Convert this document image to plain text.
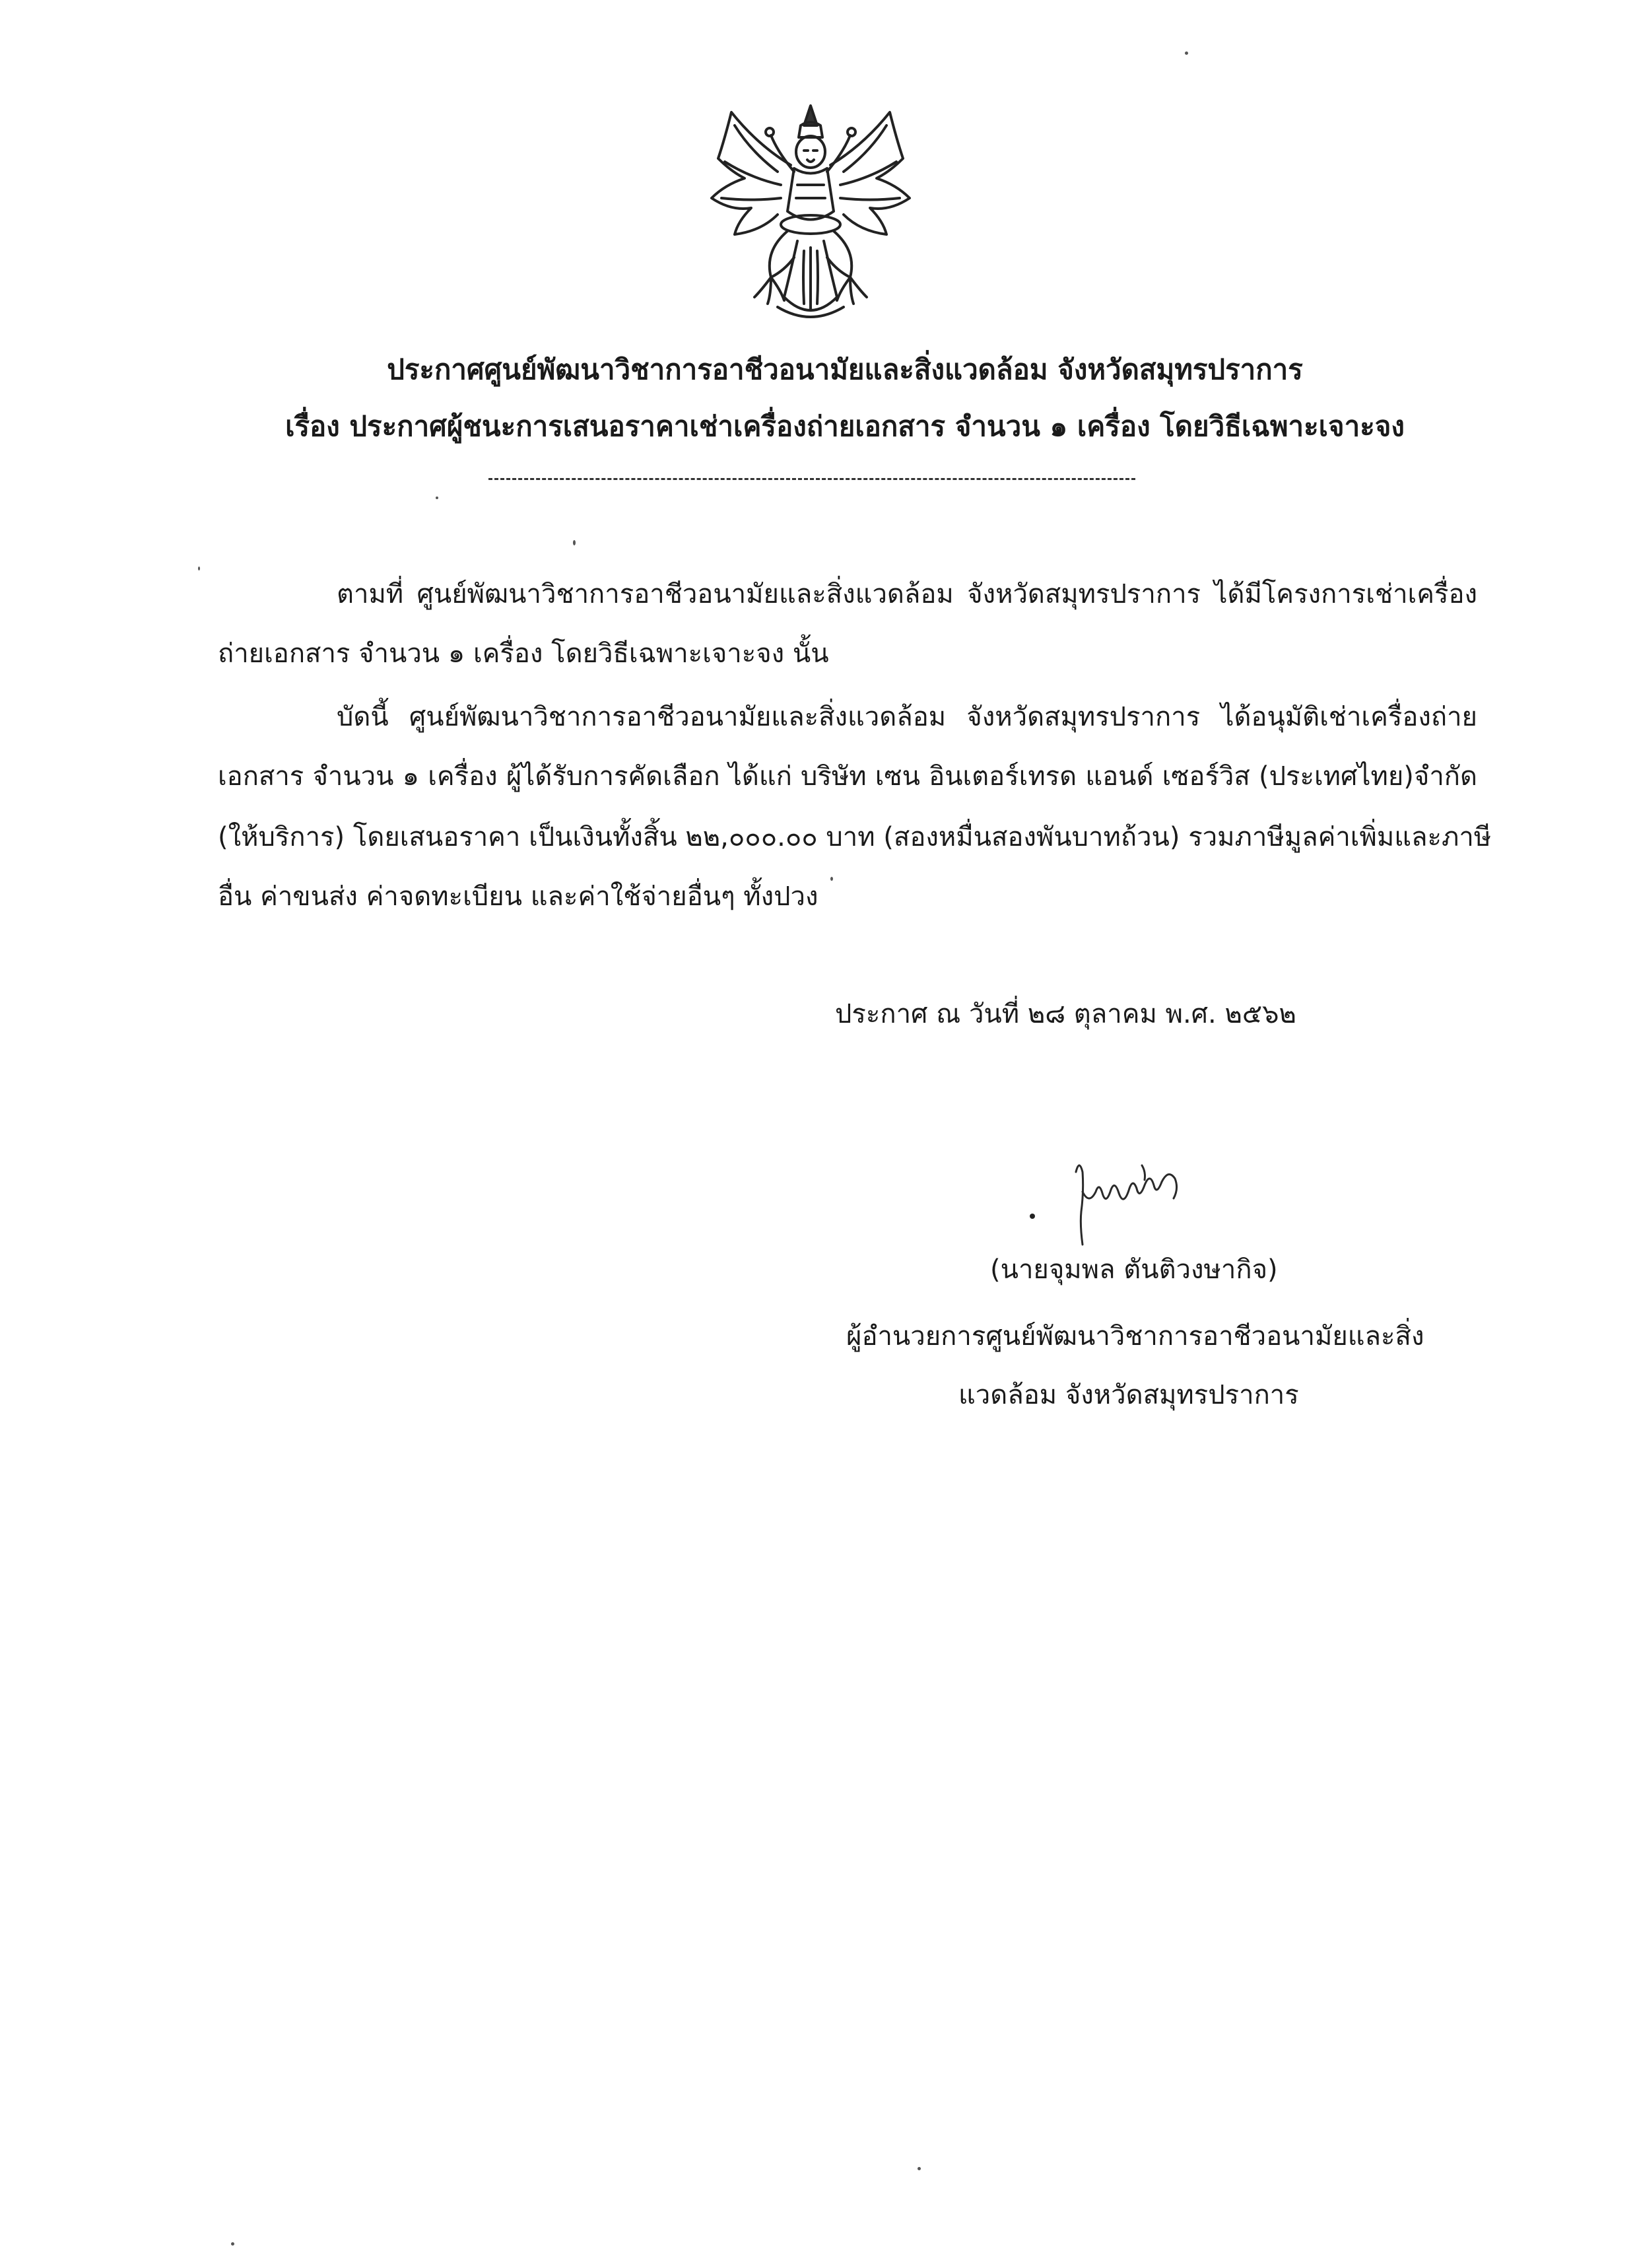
ประกาศศูนย์พัฒนาวิชาการอาชีวอนามัยและสิ่งแวดล้อม จังหวัดสมุทรปราการ
เรื่อง ประกาศผู้ชนะการเสนอราคาเช่าเครื่องถ่ายเอกสาร จำนวน ๑ เครื่อง โดยวิธีเฉพาะเจาะจง
ตามที่ ศูนย์พัฒนาวิชาการอาชีวอนามัยและสิ่งแวดล้อม จังหวัดสมุทรปราการ ได้มีโครงการเช่าเครื่อง
ถ่ายเอกสาร จำนวน ๑ เครื่อง โดยวิธีเฉพาะเจาะจง นั้น
บัดนี้ ศูนย์พัฒนาวิชาการอาชีวอนามัยและสิ่งแวดล้อม จังหวัดสมุทรปราการ ได้อนุมัติเช่าเครื่องถ่าย
เอกสาร จำนวน ๑ เครื่อง ผู้ได้รับการคัดเลือก ได้แก่ บริษัท เซน อินเตอร์เทรด แอนด์ เซอร์วิส (ประเทศไทย)จำกัด
(ให้บริการ) โดยเสนอราคา เป็นเงินทั้งสิ้น ๒๒,๐๐๐.๐๐ บาท (สองหมื่นสองพันบาทถ้วน) รวมภาษีมูลค่าเพิ่มและภาษี
อื่น ค่าขนส่ง ค่าจดทะเบียน และค่าใช้จ่ายอื่นๆ ทั้งปวง
ประกาศ ณ วันที่ ๒๘ ตุลาคม พ.ศ. ๒๕๖๒
(นายจุมพล ตันติวงษากิจ)
ผู้อำนวยการศูนย์พัฒนาวิชาการอาชีวอนามัยและสิ่ง
แวดล้อม จังหวัดสมุทรปราการ
